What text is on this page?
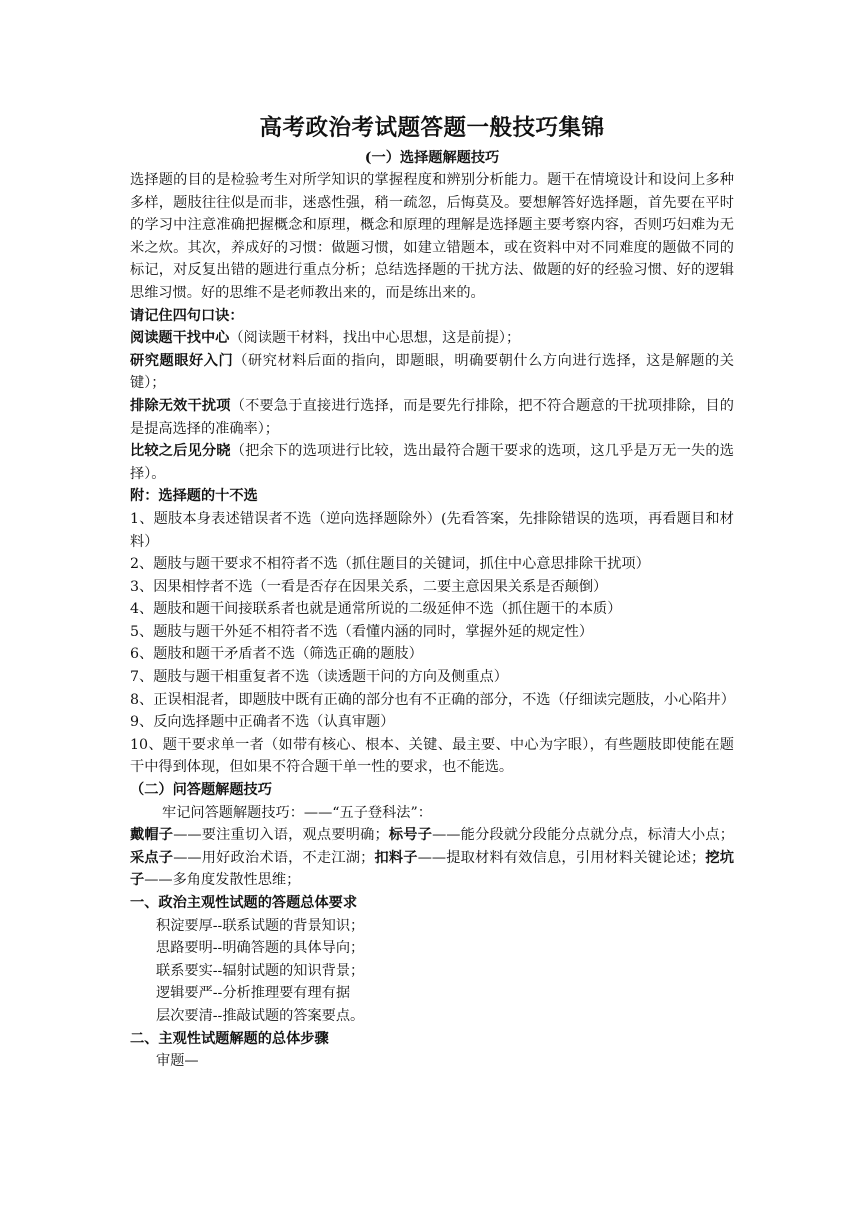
高考政治考试题答题一般技巧集锦
(一）选择题解题技巧

选择题的目的是检验考生对所学知识的掌握程度和辨别分析能力。题干在情境设计和设问上多种多样，题肢往往似是而非，迷惑性强，稍一疏忽，后悔莫及。要想解答好选择题，首先要在平时的学习中注意准确把握概念和原理，概念和原理的理解是选择题主要考察内容，否则巧妇难为无米之炊。其次，养成好的习惯：做题习惯，如建立错题本，或在资料中对不同难度的题做不同的标记，对反复出错的题进行重点分析；总结选择题的干扰方法、做题的好的经验习惯、好的逻辑思维习惯。好的思维不是老师教出来的，而是练出来的。

请记住四句口诀：

阅读题干找中心（阅读题干材料，找出中心思想，这是前提）；

研究题眼好入门（研究材料后面的指向，即题眼，明确要朝什么方向进行选择，这是解题的关键）；

排除无效干扰项（不要急于直接进行选择，而是要先行排除，把不符合题意的干扰项排除，目的是提高选择的准确率）；

比较之后见分晓（把余下的选项进行比较，选出最符合题干要求的选项，这几乎是万无一失的选择）。

附：选择题的十不选

1、题肢本身表述错误者不选（逆向选择题除外）(先看答案，先排除错误的选项，再看题目和材料）

2、题肢与题干要求不相符者不选（抓住题目的关键词，抓住中心意思排除干扰项）

3、因果相悖者不选（一看是否存在因果关系，二要主意因果关系是否颠倒）

4、题肢和题干间接联系者也就是通常所说的二级延伸不选（抓住题干的本质）

5、题肢与题干外延不相符者不选（看懂内涵的同时，掌握外延的规定性）

6、题肢和题干矛盾者不选（筛选正确的题肢）

7、题肢与题干相重复者不选（读透题干问的方向及侧重点）

8、正误相混者，即题肢中既有正确的部分也有不正确的部分，不选（仔细读完题肢，小心陷井）

9、反向选择题中正确者不选（认真审题）

10、题干要求单一者（如带有核心、根本、关键、最主要、中心为字眼），有些题肢即使能在题干中得到体现，但如果不符合题干单一性的要求，也不能选。

（二）问答题解题技巧

牢记问答题解题技巧：——“五子登科法”：

戴帽子——要注重切入语，观点要明确；标号子——能分段就分段能分点就分点，标清大小点；采点子——用好政治术语，不走江湖；扣料子——提取材料有效信息，引用材料关键论述；挖坑子——多角度发散性思维；

一、政治主观性试题的答题总体要求

积淀要厚--联系试题的背景知识；

思路要明--明确答题的具体导向；

联系要实--辐射试题的知识背景；

逻辑要严--分析推理要有理有据

层次要清--推敲试题的答案要点。

二、主观性试题解题的总体步骤

审题—
